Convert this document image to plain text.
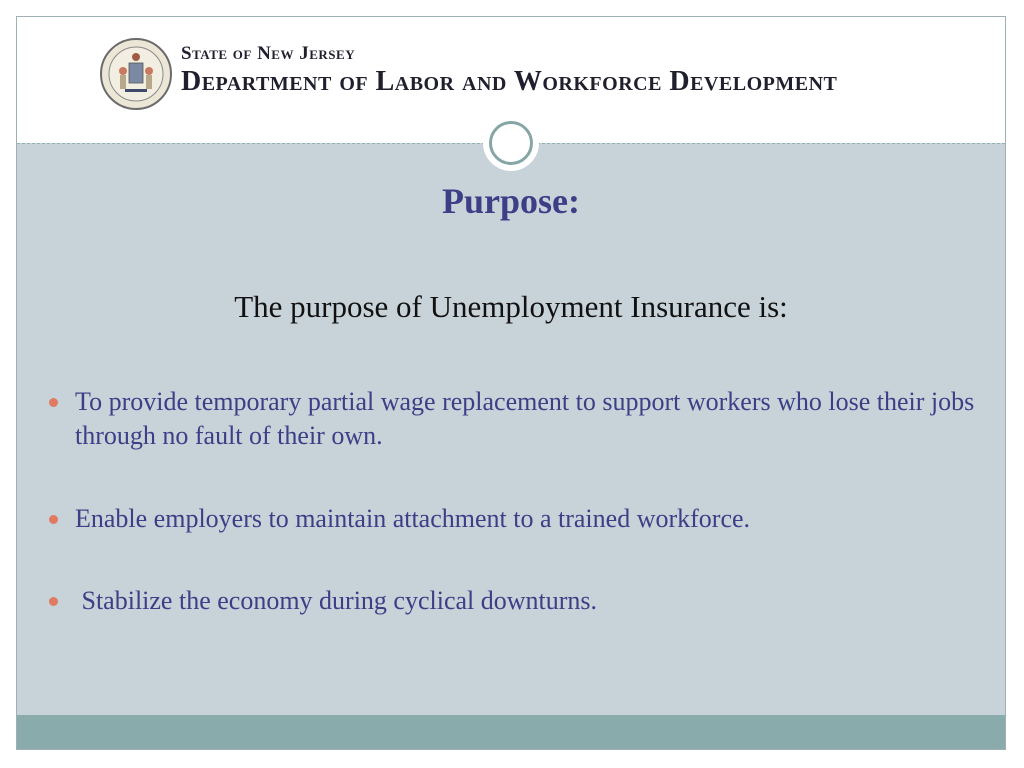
State of New Jersey
Department of Labor and Workforce Development
Purpose:
The purpose of Unemployment Insurance is:
To provide temporary partial wage replacement to support workers who lose their jobs through no fault of their own.
Enable employers to maintain attachment to a trained workforce.
Stabilize the economy during cyclical downturns.
